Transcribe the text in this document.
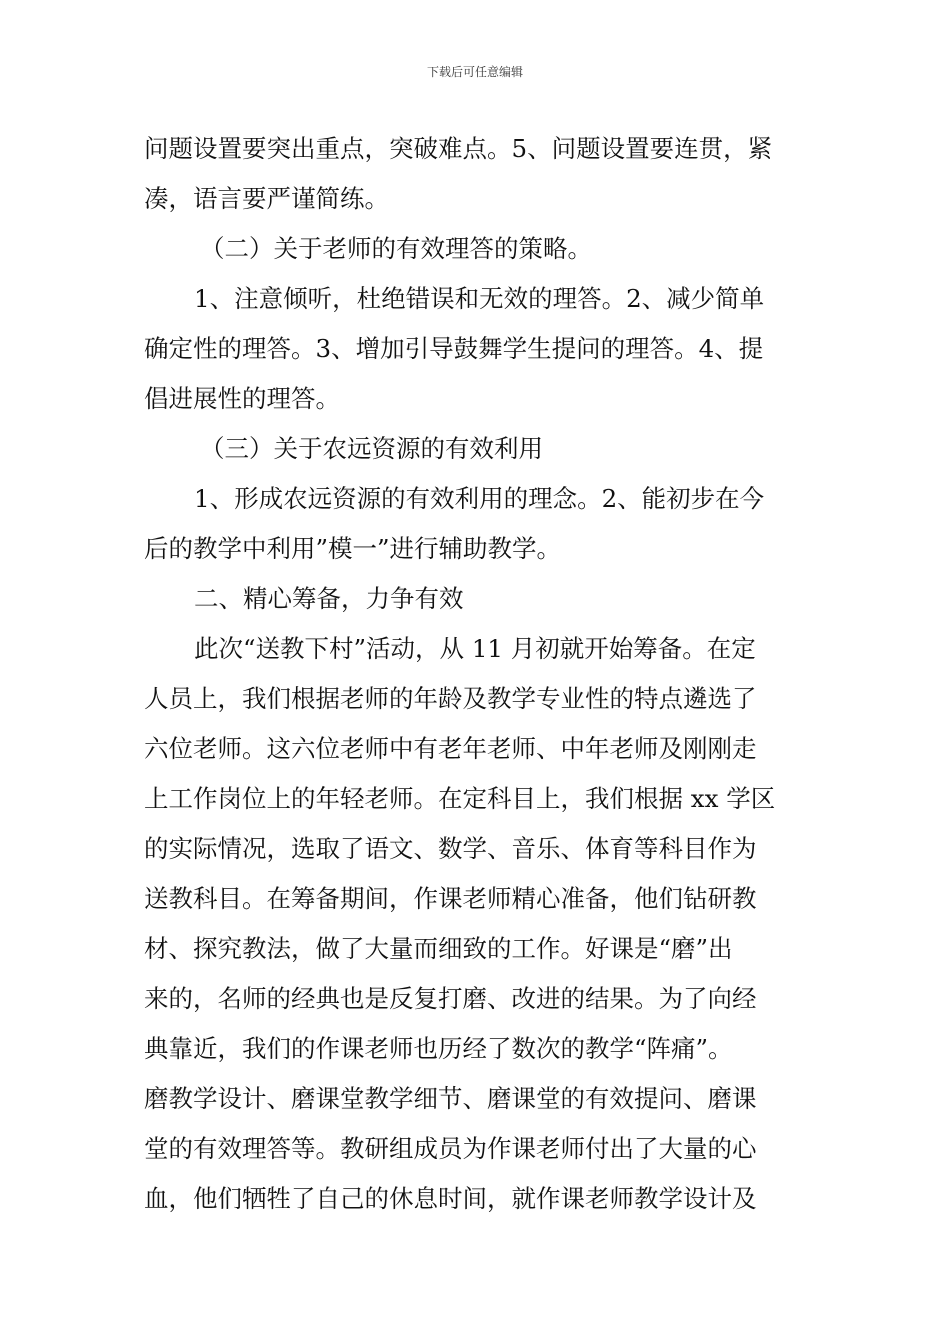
下载后可任意编辑
问题设置要突出重点，突破难点。5、问题设置要连贯，紧
凑，语言要严谨简练。
（二）关于老师的有效理答的策略。
1、注意倾听，杜绝错误和无效的理答。2、减少简单
确定性的理答。3、增加引导鼓舞学生提问的理答。4、提
倡进展性的理答。
（三）关于农远资源的有效利用
1、形成农远资源的有效利用的理念。2、能初步在今
后的教学中利用”模一”进行辅助教学。
二、精心筹备，力争有效
此次“送教下村”活动，从 11 月初就开始筹备。在定
人员上，我们根据老师的年龄及教学专业性的特点遴选了
六位老师。这六位老师中有老年老师、中年老师及刚刚走
上工作岗位上的年轻老师。在定科目上，我们根据 xx 学区
的实际情况，选取了语文、数学、音乐、体育等科目作为
送教科目。在筹备期间，作课老师精心准备，他们钻研教
材、探究教法，做了大量而细致的工作。好课是“磨”出
来的，名师的经典也是反复打磨、改进的结果。为了向经
典靠近，我们的作课老师也历经了数次的教学“阵痛”。
磨教学设计、磨课堂教学细节、磨课堂的有效提问、磨课
堂的有效理答等。教研组成员为作课老师付出了大量的心
血，他们牺牲了自己的休息时间，就作课老师教学设计及
